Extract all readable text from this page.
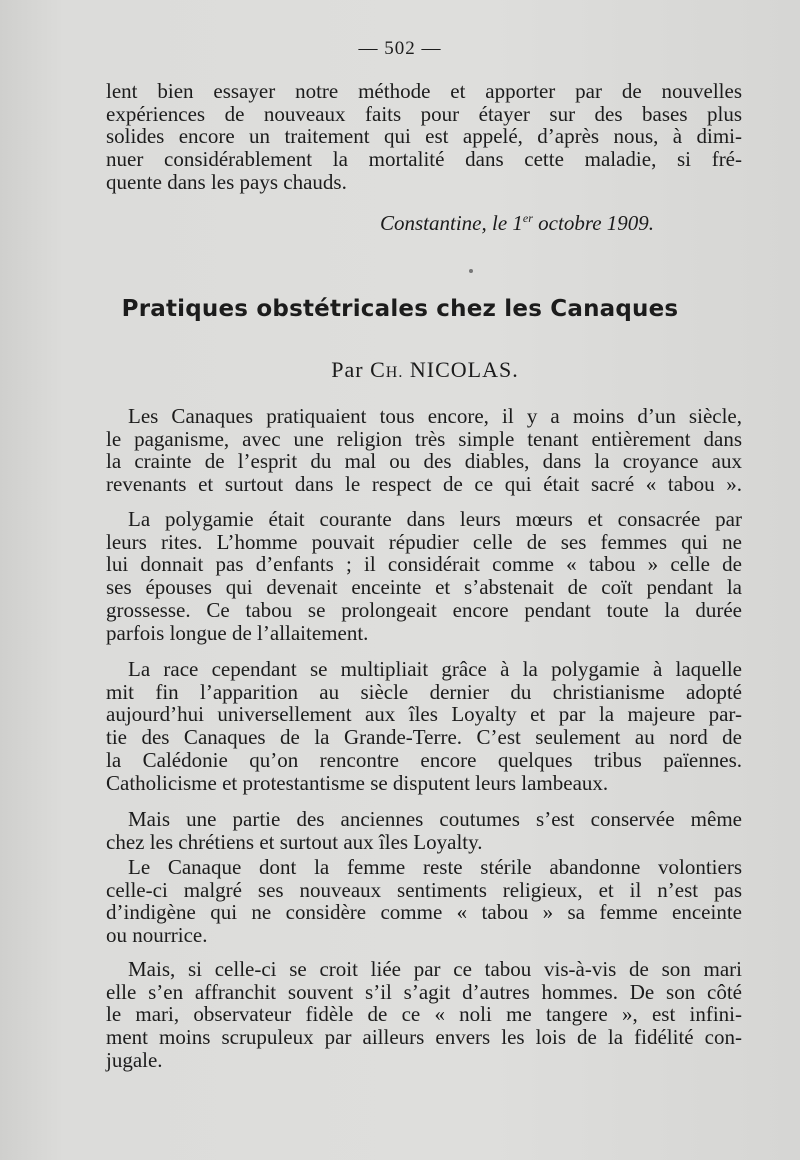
— 502 —
lent bien essayer notre méthode et apporter par de nouvelles
expériences de nouveaux faits pour étayer sur des bases plus
solides encore un traitement qui est appelé, d’après nous, à dimi-
nuer considérablement la mortalité dans cette maladie, si fré-
quente dans les pays chauds.
Constantine, le 1er octobre 1909.
Pratiques obstétricales chez les Canaques
Par CH. NICOLAS.
Les Canaques pratiquaient tous encore, il y a moins d’un siècle,
le paganisme, avec une religion très simple tenant entièrement dans
la crainte de l’esprit du mal ou des diables, dans la croyance aux
revenants et surtout dans le respect de ce qui était sacré « tabou ».
La polygamie était courante dans leurs mœurs et consacrée par
leurs rites. L’homme pouvait répudier celle de ses femmes qui ne
lui donnait pas d’enfants ; il considérait comme « tabou » celle de
ses épouses qui devenait enceinte et s’abstenait de coït pendant la
grossesse. Ce tabou se prolongeait encore pendant toute la durée
parfois longue de l’allaitement.
La race cependant se multipliait grâce à la polygamie à laquelle
mit fin l’apparition au siècle dernier du christianisme adopté
aujourd’hui universellement aux îles Loyalty et par la majeure par-
tie des Canaques de la Grande-Terre. C’est seulement au nord de
la Calédonie qu’on rencontre encore quelques tribus païennes.
Catholicisme et protestantisme se disputent leurs lambeaux.
Mais une partie des anciennes coutumes s’est conservée même
chez les chrétiens et surtout aux îles Loyalty.
Le Canaque dont la femme reste stérile abandonne volontiers
celle-ci malgré ses nouveaux sentiments religieux, et il n’est pas
d’indigène qui ne considère comme « tabou » sa femme enceinte
ou nourrice.
Mais, si celle-ci se croit liée par ce tabou vis-à-vis de son mari
elle s’en affranchit souvent s’il s’agit d’autres hommes. De son côté
le mari, observateur fidèle de ce « noli me tangere », est infini-
ment moins scrupuleux par ailleurs envers les lois de la fidélité con-
jugale.
